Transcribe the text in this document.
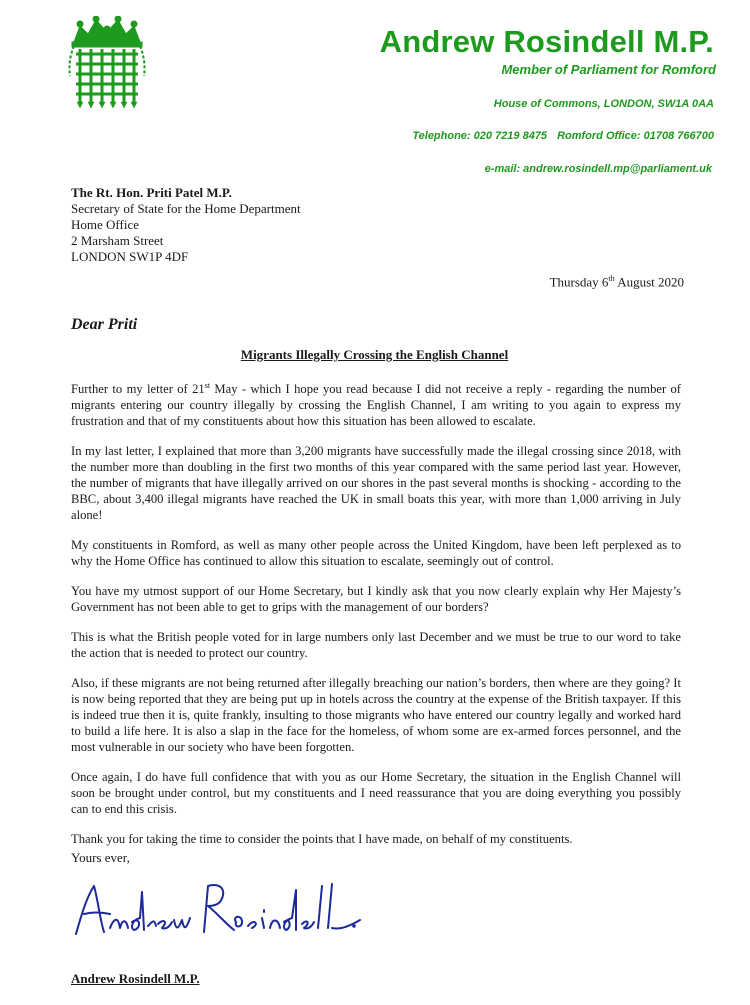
Andrew Rosindell M.P.
Member of Parliament for Romford
House of Commons, LONDON, SW1A 0AA
Telephone: 020 7219 8475 Romford Office: 01708 766700
e-mail: andrew.rosindell.mp@parliament.uk
The Rt. Hon. Priti Patel M.P.
Secretary of State for the Home Department
Home Office
2 Marsham Street
LONDON SW1P 4DF
Thursday 6th August 2020
Dear Priti
Migrants Illegally Crossing the English Channel

Further to my letter of 21st May - which I hope you read because I did not receive a reply - regarding the number of migrants entering our country illegally by crossing the English Channel, I am writing to you again to express my frustration and that of my constituents about how this situation has been allowed to escalate.

In my last letter, I explained that more than 3,200 migrants have successfully made the illegal crossing since 2018, with the number more than doubling in the first two months of this year compared with the same period last year. However, the number of migrants that have illegally arrived on our shores in the past several months is shocking - according to the BBC, about 3,400 illegal migrants have reached the UK in small boats this year, with more than 1,000 arriving in July alone!

My constituents in Romford, as well as many other people across the United Kingdom, have been left perplexed as to why the Home Office has continued to allow this situation to escalate, seemingly out of control.

You have my utmost support of our Home Secretary, but I kindly ask that you now clearly explain why Her Majesty’s Government has not been able to get to grips with the management of our borders?

This is what the British people voted for in large numbers only last December and we must be true to our word to take the action that is needed to protect our country.

Also, if these migrants are not being returned after illegally breaching our nation’s borders, then where are they going? It is now being reported that they are being put up in hotels across the country at the expense of the British taxpayer. If this is indeed true then it is, quite frankly, insulting to those migrants who have entered our country legally and worked hard to build a life here. It is also a slap in the face for the homeless, of whom some are ex-armed forces personnel, and the most vulnerable in our society who have been forgotten.

Once again, I do have full confidence that with you as our Home Secretary, the situation in the English Channel will soon be brought under control, but my constituents and I need reassurance that you are doing everything you possibly can to end this crisis.

Thank you for taking the time to consider the points that I have made, on behalf of my constituents.

Yours ever,
Andrew Rosindell M.P.
